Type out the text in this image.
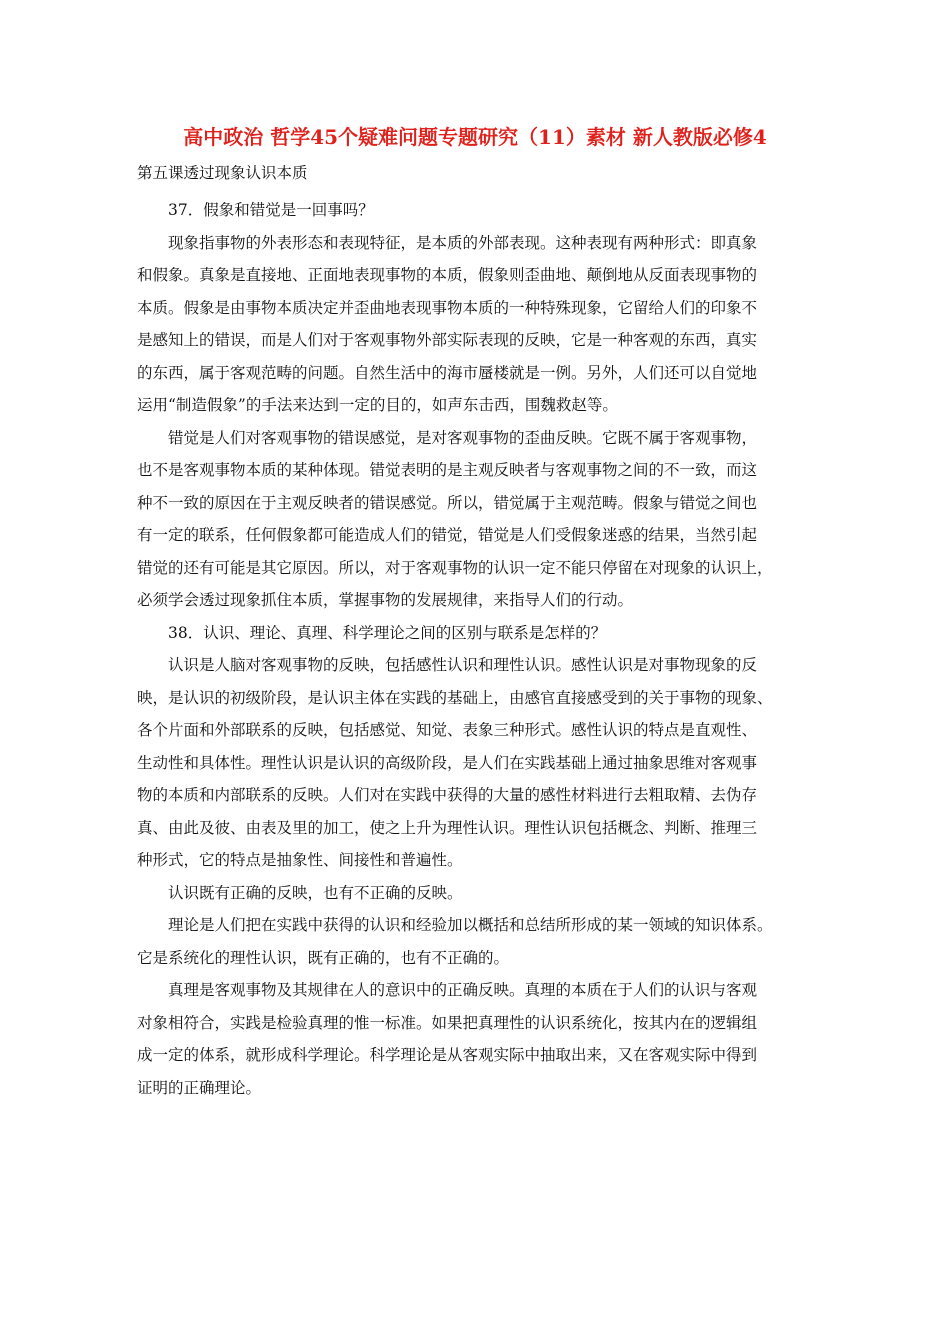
高中政治 哲学45个疑难问题专题研究（11）素材 新人教版必修4

第五课透过现象认识本质

37．假象和错觉是一回事吗？

现象指事物的外表形态和表现特征，是本质的外部表现。这种表现有两种形式：即真象

和假象。真象是直接地、正面地表现事物的本质，假象则歪曲地、颠倒地从反面表现事物的

本质。假象是由事物本质决定并歪曲地表现事物本质的一种特殊现象，它留给人们的印象不

是感知上的错误，而是人们对于客观事物外部实际表现的反映，它是一种客观的东西，真实

的东西，属于客观范畴的问题。自然生活中的海市蜃楼就是一例。另外，人们还可以自觉地

运用“制造假象”的手法来达到一定的目的，如声东击西，围魏救赵等。

错觉是人们对客观事物的错误感觉，是对客观事物的歪曲反映。它既不属于客观事物，

也不是客观事物本质的某种体现。错觉表明的是主观反映者与客观事物之间的不一致，而这

种不一致的原因在于主观反映者的错误感觉。所以，错觉属于主观范畴。假象与错觉之间也

有一定的联系，任何假象都可能造成人们的错觉，错觉是人们受假象迷惑的结果，当然引起

错觉的还有可能是其它原因。所以，对于客观事物的认识一定不能只停留在对现象的认识上，

必须学会透过现象抓住本质，掌握事物的发展规律，来指导人们的行动。

38．认识、理论、真理、科学理论之间的区别与联系是怎样的？

认识是人脑对客观事物的反映，包括感性认识和理性认识。感性认识是对事物现象的反

映，是认识的初级阶段，是认识主体在实践的基础上，由感官直接感受到的关于事物的现象、

各个片面和外部联系的反映，包括感觉、知觉、表象三种形式。感性认识的特点是直观性、

生动性和具体性。理性认识是认识的高级阶段，是人们在实践基础上通过抽象思维对客观事

物的本质和内部联系的反映。人们对在实践中获得的大量的感性材料进行去粗取精、去伪存

真、由此及彼、由表及里的加工，使之上升为理性认识。理性认识包括概念、判断、推理三

种形式，它的特点是抽象性、间接性和普遍性。

认识既有正确的反映，也有不正确的反映。

理论是人们把在实践中获得的认识和经验加以概括和总结所形成的某一领域的知识体系。

它是系统化的理性认识，既有正确的，也有不正确的。

真理是客观事物及其规律在人的意识中的正确反映。真理的本质在于人们的认识与客观

对象相符合，实践是检验真理的惟一标准。如果把真理性的认识系统化，按其内在的逻辑组

成一定的体系，就形成科学理论。科学理论是从客观实际中抽取出来，又在客观实际中得到

证明的正确理论。
